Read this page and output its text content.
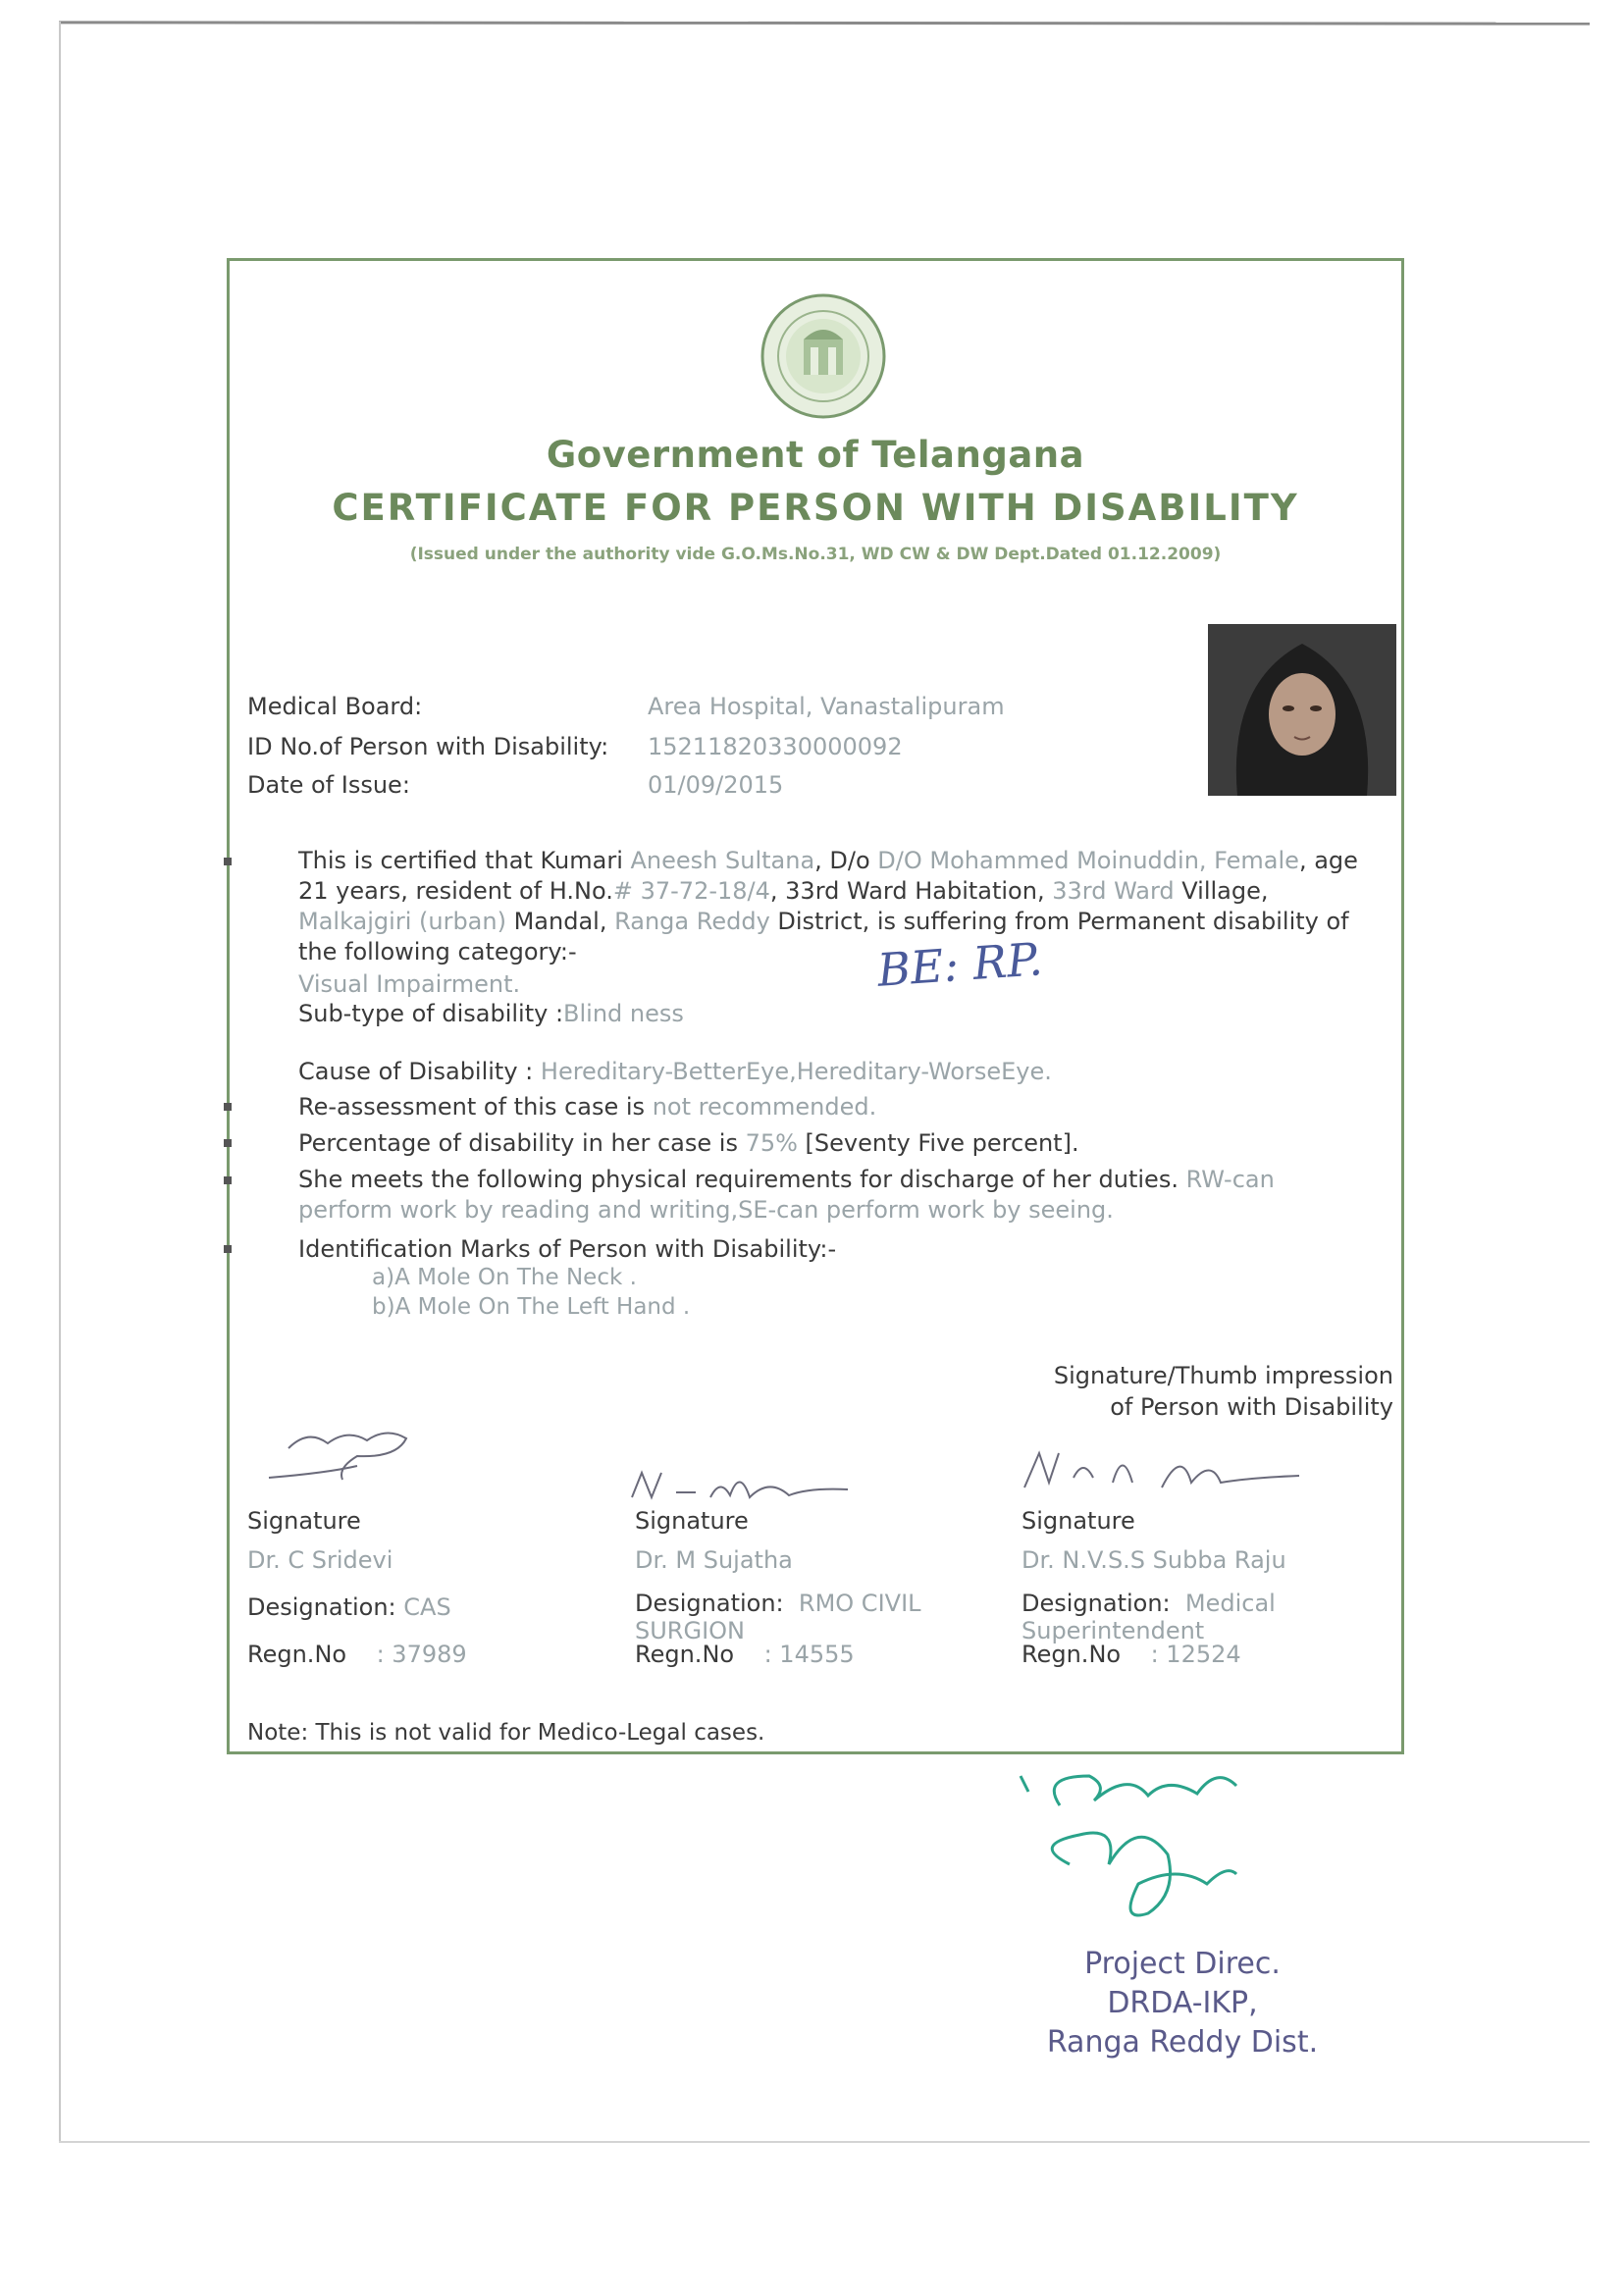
Government of Telangana
CERTIFICATE FOR PERSON WITH DISABILITY
(Issued under the authority vide G.O.Ms.No.31, WD CW & DW Dept.Dated 01.12.2009)
Medical Board:	Area Hospital, Vanastalipuram
ID No.of Person with Disability: 15211820330000092
Date of Issue:	01/09/2015
This is certified that Kumari Aneesh Sultana, D/o D/O Mohammed Moinuddin, Female, age 21 years, resident of H.No.# 37-72-18/4, 33rd Ward Habitation, 33rd Ward Village, Malkajgiri (urban) Mandal, Ranga Reddy District, is suffering from Permanent disability of the following category:-
Visual Impairment.
Sub-type of disability :Blind ness
BE: RP.
Cause of Disability : Hereditary-BetterEye,Hereditary-WorseEye.
Re-assessment of this case is not recommended.
Percentage of disability in her case is 75% [Seventy Five percent].
She meets the following physical requirements for discharge of her duties. RW-can perform work by reading and writing,SE-can perform work by seeing.
Identification Marks of Person with Disability:-
a)A Mole On The Neck .
b)A Mole On The Left Hand .
Signature/Thumb impression
of Person with Disability
Signature
Dr. C Sridevi
Designation: CAS
Regn.No : 37989
Signature
Dr. M Sujatha
Designation: RMO CIVIL SURGION
Regn.No : 14555
Signature
Dr. N.V.S.S Subba Raju
Designation: Medical Superintendent
Regn.No : 12524
Note: This is not valid for Medico-Legal cases.
Project Direc.
DRDA-IKP,
Ranga Reddy Dist.
